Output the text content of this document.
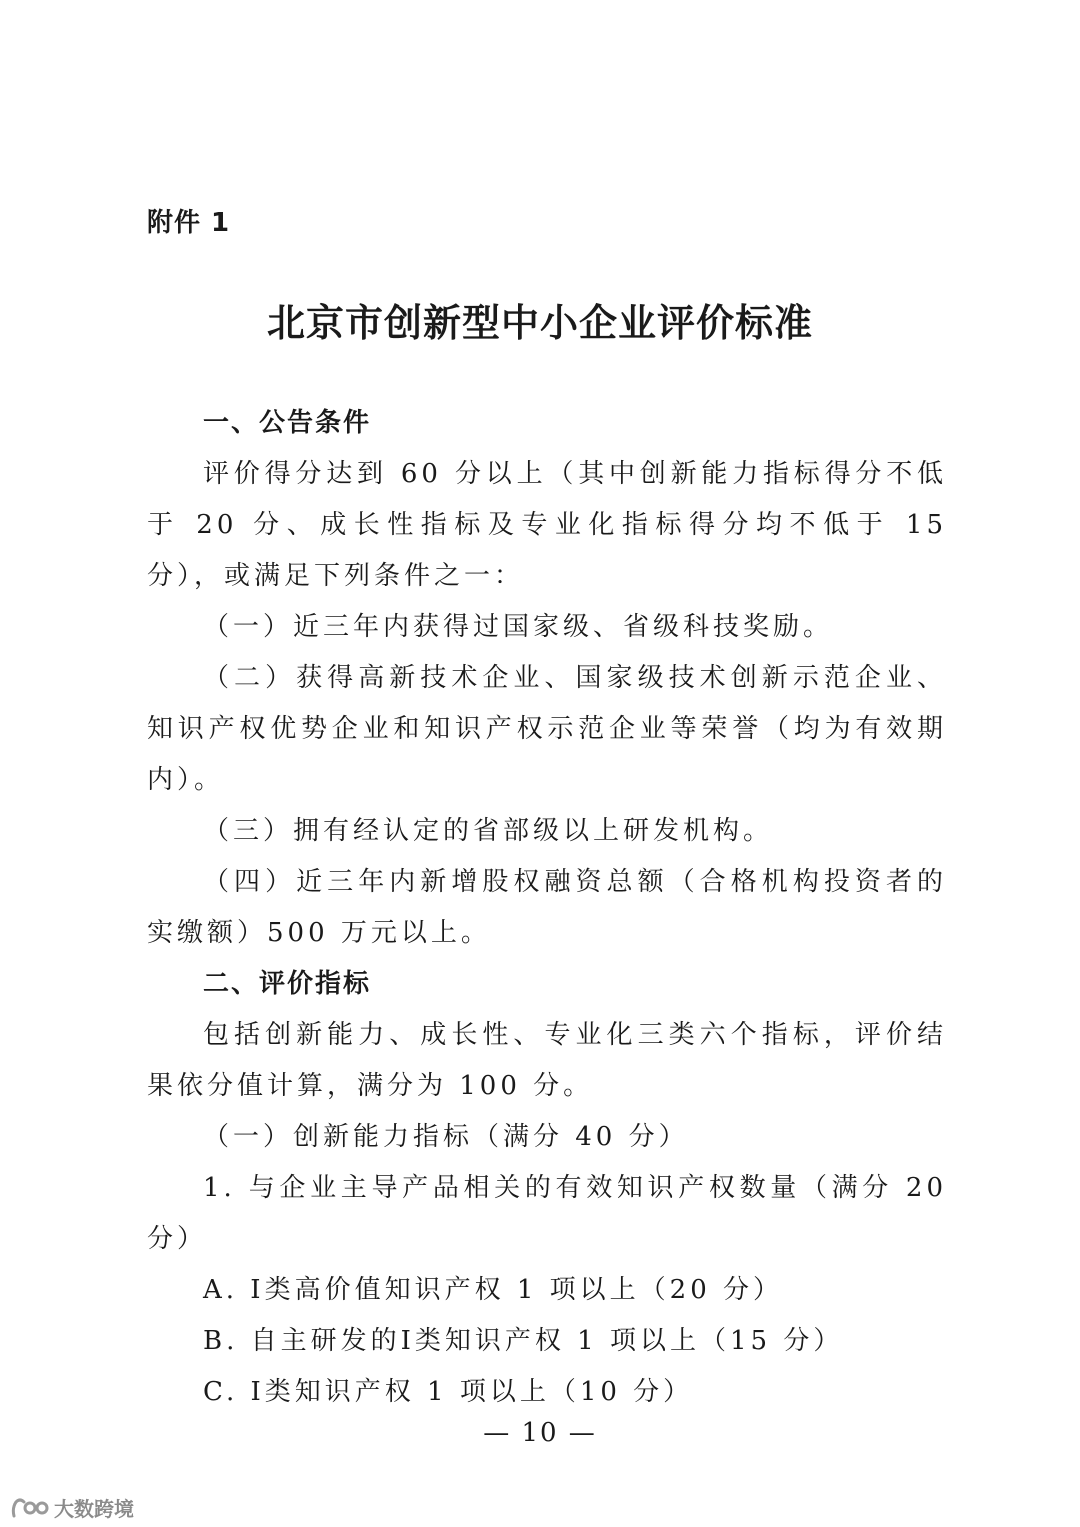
附件 1
北京市创新型中小企业评价标准

一、公告条件

评价得分达到 60 分以上（其中创新能力指标得分不低于 20 分、成长性指标及专业化指标得分均不低于 15 分），或满足下列条件之一：

（一）近三年内获得过国家级、省级科技奖励。

（二）获得高新技术企业、国家级技术创新示范企业、知识产权优势企业和知识产权示范企业等荣誉（均为有效期内）。

（三）拥有经认定的省部级以上研发机构。

（四）近三年内新增股权融资总额（合格机构投资者的实缴额）500 万元以上。

二、评价指标

包括创新能力、成长性、专业化三类六个指标，评价结果依分值计算，满分为 100 分。

（一）创新能力指标（满分 40 分）

1. 与企业主导产品相关的有效知识产权数量（满分 20 分）

A. Ⅰ类高价值知识产权 1 项以上（20 分）

B. 自主研发的Ⅰ类知识产权 1 项以上（15 分）

C. Ⅰ类知识产权 1 项以上（10 分）

— 10 —
大数跨境
